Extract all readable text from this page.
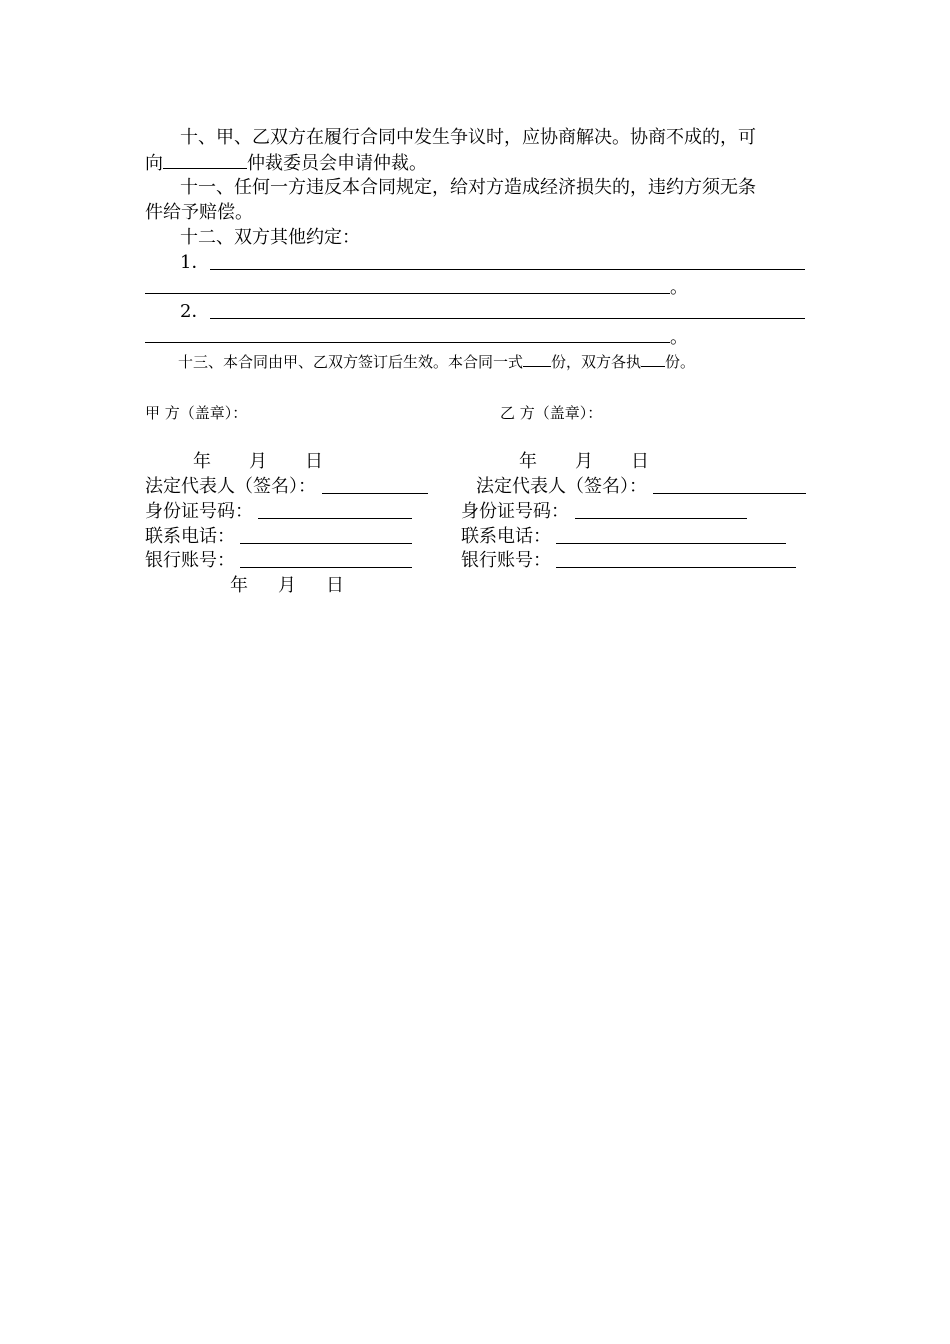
十、甲、乙双方在履行合同中发生争议时，应协商解决。协商不成的，可
向	仲裁委员会申请仲裁。
十一、任何一方违反本合同规定，给对方造成经济损失的，违约方须无条
件给予赔偿。
十二、双方其他约定：
1．
。
2．
。
十三、本合同由甲、乙双方签订后生效。本合同一式 份，双方各执 份。
甲 方（盖章）：	乙 方（盖章）：
年 月 日	年 月 日
法定代表人（签名）：	法定代表人（签名）：
身份证号码：	身份证号码：
联系电话：	联系电话：
银行账号：	银行账号：
年 月 日
